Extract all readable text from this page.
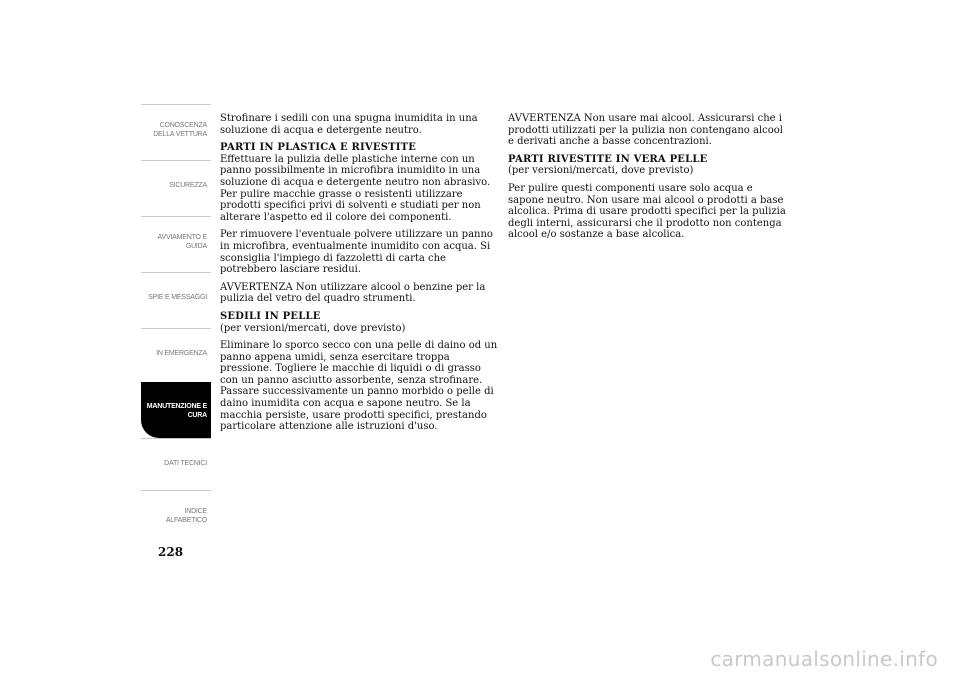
CONOSCENZA
DELLA VETTURA
SICUREZZA
AVVIAMENTO E
GUIDA
SPIE E MESSAGGI
IN EMERGENZA
MANUTENZIONE E
CURA
DATI TECNICI
INDICE
ALFABETICO
228

Strofinare i sedili con una spugna inumidita in una soluzione di acqua e detergente neutro.

PARTI IN PLASTICA E RIVESTITE

Effettuare la pulizia delle plastiche interne con un panno possibilmente in microfibra inumidito in una soluzione di acqua e detergente neutro non abrasivo. Per pulire macchie grasse o resistenti utilizzare prodotti specifici privi di solventi e studiati per non alterare l'aspetto ed il colore dei componenti.

Per rimuovere l'eventuale polvere utilizzare un panno in microfibra, eventualmente inumidito con acqua. Si sconsiglia l'impiego di fazzoletti di carta che potrebbero lasciare residui.

AVVERTENZA Non utilizzare alcool o benzine per la pulizia del vetro del quadro strumenti.

SEDILI IN PELLE

(per versioni/mercati, dove previsto)

Eliminare lo sporco secco con una pelle di daino od un panno appena umidi, senza esercitare troppa pressione. Togliere le macchie di liquidi o di grasso con un panno asciutto assorbente, senza strofinare. Passare successivamente un panno morbido o pelle di daino inumidita con acqua e sapone neutro. Se la macchia persiste, usare prodotti specifici, prestando particolare attenzione alle istruzioni d'uso.

AVVERTENZA Non usare mai alcool. Assicurarsi che i prodotti utilizzati per la pulizia non contengano alcool e derivati anche a basse concentrazioni.

PARTI RIVESTITE IN VERA PELLE

(per versioni/mercati, dove previsto)

Per pulire questi componenti usare solo acqua e sapone neutro. Non usare mai alcool o prodotti a base alcolica. Prima di usare prodotti specifici per la pulizia degli interni, assicurarsi che il prodotto non contenga alcool e/o sostanze a base alcolica.

carmanualsonline.info
